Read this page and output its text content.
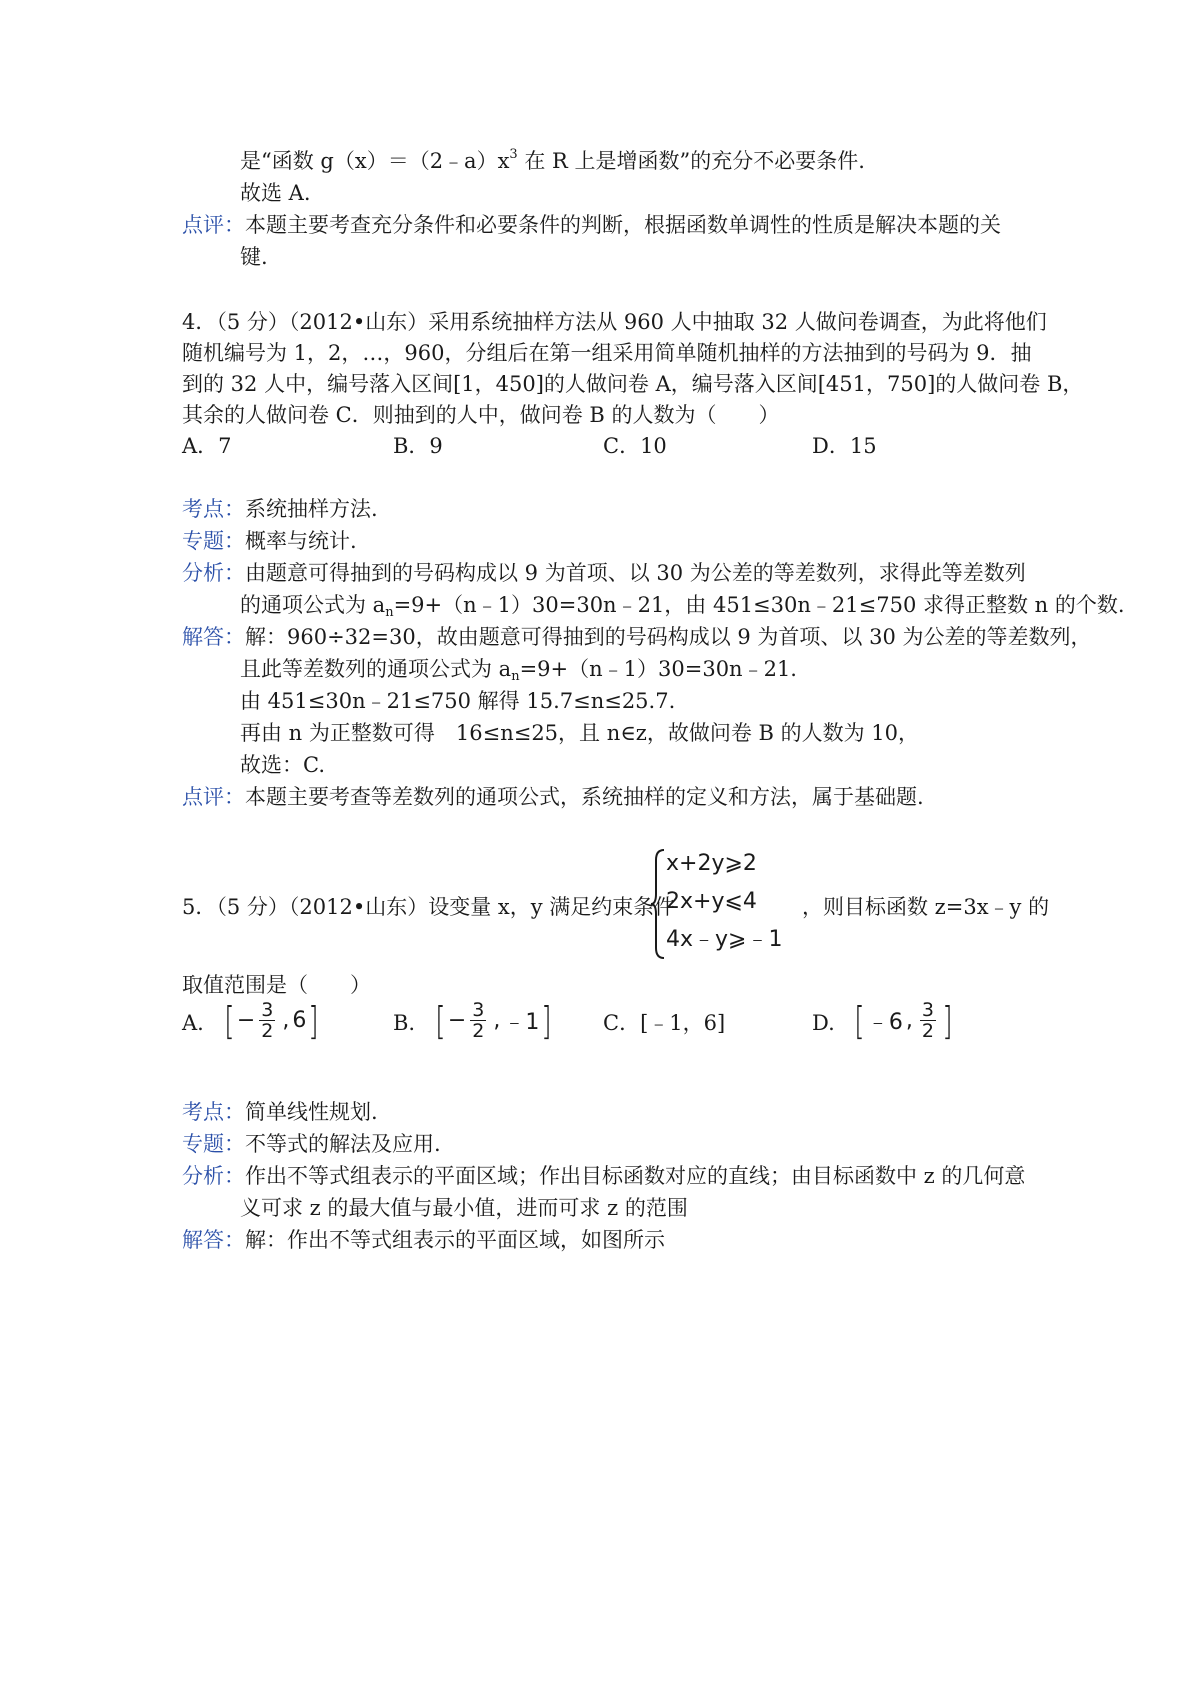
是“函数 $g(x)=(2﹣a)x^3$ 在 R 上是增函数”的充分不必要条件.
故选 A.
点评：本题主要考查充分条件和必要条件的判断，根据函数单调性的性质是解决本题的关
键.
4．（5 分）（2012•山东）采用系统抽样方法从 960 人中抽取 32 人做问卷调查，为此将他们
随机编号为 1，2，…，960，分组后在第一组采用简单随机抽样的方法抽到的号码为 9．抽
到的 32 人中，编号落入区间[1，450]的人做问卷 A，编号落入区间[451，750]的人做问卷 B，
其余的人做问卷 C．则抽到的人中，做问卷 B 的人数为（　　）
A．7	B．9	C．10	D．15
考点：系统抽样方法.
专题：概率与统计.
分析：由题意可得抽到的号码构成以 9 为首项、以 30 为公差的等差数列，求得此等差数列
的通项公式为 $a_n=9+(n﹣1)30=30n﹣21$，由 451≤30n﹣21≤750 求得正整数 n 的个数.
解答：解：960÷32=30，故由题意可得抽到的号码构成以 9 为首项、以 30 为公差的等差数列，
且此等差数列的通项公式为 $a_n=9+(n﹣1)30=30n﹣21$.
由 451≤30n﹣21≤750 解得 15.7≤n≤25.7.
再由 n 为正整数可得　16≤n≤25，且 n∈z，故做问卷 B 的人数为 10，
故选：C.
点评：本题主要考查等差数列的通项公式，系统抽样的定义和方法，属于基础题.
5．（5 分）（2012•山东）设变量 x，y 满足约束条件
x+2y⩾2
2x+y⩽4
4x﹣y⩾﹣1
，则目标函数 z=3x﹣y 的
取值范围是（　　）
A. [ − $\frac{3}{2}$ , 6 ]	B. [ − $\frac{3}{2}$ , ﹣1 ] C．[﹣1，6]	D. [ ﹣6 , $\frac{3}{2}$ ]
考点：简单线性规划.
专题：不等式的解法及应用.
分析：作出不等式组表示的平面区域；作出目标函数对应的直线；由目标函数中 z 的几何意
义可求 z 的最大值与最小值，进而可求 z 的范围
解答：解：作出不等式组表示的平面区域，如图所示
